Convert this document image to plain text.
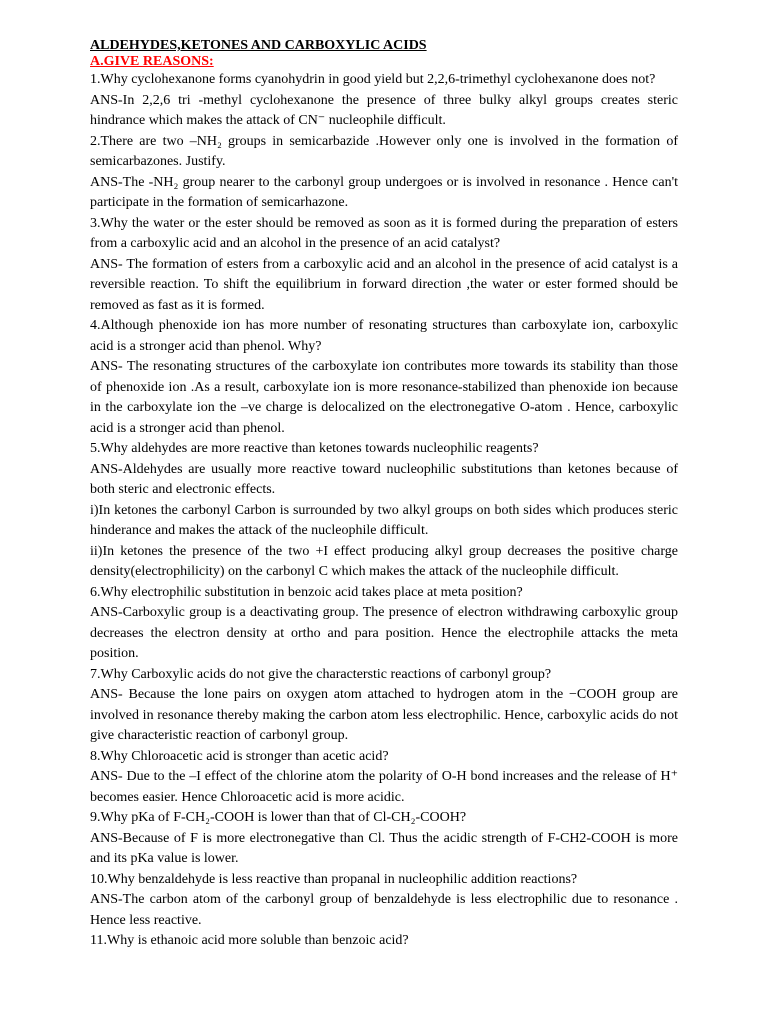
ALDEHYDES,KETONES AND CARBOXYLIC ACIDS
A.GIVE REASONS:

1.Why cyclohexanone forms cyanohydrin in good yield but 2,2,6-trimethyl cyclohexanone does not?

ANS-In 2,2,6 tri -methyl cyclohexanone the presence of three bulky alkyl groups creates steric hindrance which makes the attack of CN⁻ nucleophile difficult.

2.There are two –NH₂ groups in semicarbazide .However only one is involved in the formation of semicarbazones. Justify.

ANS-The -NH₂ group nearer to the carbonyl group undergoes or is involved in resonance . Hence can't participate in the formation of semicarhazone.

3.Why the water or the ester should be removed as soon as it is formed during the preparation of esters from a carboxylic acid and an alcohol in the presence of an acid catalyst?

ANS- The formation of esters from a carboxylic acid and an alcohol in the presence of acid catalyst is a reversible reaction. To shift the equilibrium in forward direction ,the water or ester formed should be removed as fast as it is formed.

4.Although phenoxide ion has more number of resonating structures than carboxylate ion, carboxylic acid is a stronger acid than phenol. Why?

ANS- The resonating structures of the carboxylate ion contributes more towards its stability than those of phenoxide ion .As a result, carboxylate ion is more resonance-stabilized than phenoxide ion because in the carboxylate ion the –ve charge is delocalized on the electronegative O-atom . Hence, carboxylic acid is a stronger acid than phenol.

5.Why aldehydes are more reactive than ketones towards nucleophilic reagents?

ANS-Aldehydes are usually more reactive toward nucleophilic substitutions than ketones because of both steric and electronic effects.

i)In ketones the carbonyl Carbon is surrounded by two alkyl groups on both sides which produces steric hinderance and makes the attack of the nucleophile difficult.

ii)In ketones the presence of the two +I effect producing alkyl group decreases the positive charge density(electrophilicity) on the carbonyl C which makes the attack of the nucleophile difficult.

6.Why electrophilic substitution in benzoic acid takes place at meta position?

ANS-Carboxylic group is a deactivating group. The presence of electron withdrawing carboxylic group decreases the electron density at ortho and para position. Hence the electrophile attacks the meta position.

7.Why Carboxylic acids do not give the characterstic reactions of carbonyl group?

ANS- Because the lone pairs on oxygen atom attached to hydrogen atom in the −COOH group are involved in resonance thereby making the carbon atom less electrophilic. Hence, carboxylic acids do not give characteristic reaction of carbonyl group.

8.Why Chloroacetic acid is stronger than acetic acid?

ANS- Due to the –I effect of the chlorine atom the polarity of O-H bond increases and the release of H⁺ becomes easier. Hence Chloroacetic acid is more acidic.

9.Why pKa of F-CH₂-COOH is lower than that of Cl-CH₂-COOH?

ANS-Because of F is more electronegative than Cl. Thus the acidic strength of F-CH2-COOH is more and its pKa value is lower.

10.Why benzaldehyde is less reactive than propanal in nucleophilic addition reactions?

ANS-The carbon atom of the carbonyl group of benzaldehyde is less electrophilic due to resonance . Hence less reactive.

11.Why is ethanoic acid more soluble than benzoic acid?
